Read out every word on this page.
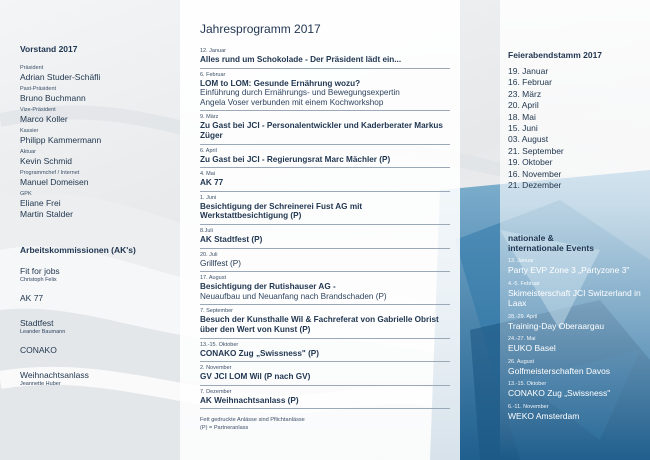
Vorstand 2017
Präsident
Adrian Studer-Schäfli
Past-Präsident
Bruno Buchmann
Vize-Präsident
Marco Koller
Kassier
Philipp Kammermann
Aktuar
Kevin Schmid
Programmchef / Internet
Manuel Domeisen
GPK
Eliane Frei
Martin Stalder
Arbeitskommissionen (AK's)
Fit for jobs
Christoph Felix
AK 77
Stadtfest
Leander Baumann
CONAKO
Weihnachtsanlass
Jeannette Huber
Jahresprogramm 2017
12. Januar
Alles rund um Schokolade - Der Präsident lädt ein...
6. Februar
LOM to LOM: Gesunde Ernährung wozu?
Einführung durch Ernährungs- und Bewegungsexpertin
Angela Voser verbunden mit einem Kochworkshop
9. März
Zu Gast bei JCI - Personalentwickler und Kaderberater Markus Züger
6. April
Zu Gast bei JCI - Regierungsrat Marc Mächler (P)
4. Mai
AK 77
1. Juni
Besichtigung der Schreinerei Fust AG mit Werkstattbesichtigung (P)
8.Juli
AK Stadtfest (P)
20. Juli
Grillfest (P)
17. August
Besichtigung der Rutishauser AG -
Neuaufbau und Neuanfang nach Brandschaden (P)
7. September
Besuch der Kunsthalle Wil & Fachreferat von Gabrielle Obrist über den Wert von Kunst (P)
13.-15. Oktober
CONAKO Zug „Swissness" (P)
2. November
GV JCI LOM Wil (P nach GV)
7. Dezember
AK Weihnachtsanlass (P)
Fett gedruckte Anlässe sind Pflichtanlässe
(P) = Partneranlass
Feierabendstamm 2017
19. Januar
16. Februar
23. März
20. April
18. Mai
15. Juni
03. August
21. September
19. Oktober
16. November
21. Dezember
nationale &
internationale Events
13. Januar
Party EVP Zone 3 „Partyzone 3"
4.-5. Februar
Skimeisterschaft JCI Switzerland in Laax
28.-29. April
Training-Day Oberaargau
24.-27. Mai
EUKO Basel
26. August
Golfmeisterschaften Davos
13.-15. Oktober
CONAKO Zug „Swissness"
6.-11. November
WEKO Amsterdam
